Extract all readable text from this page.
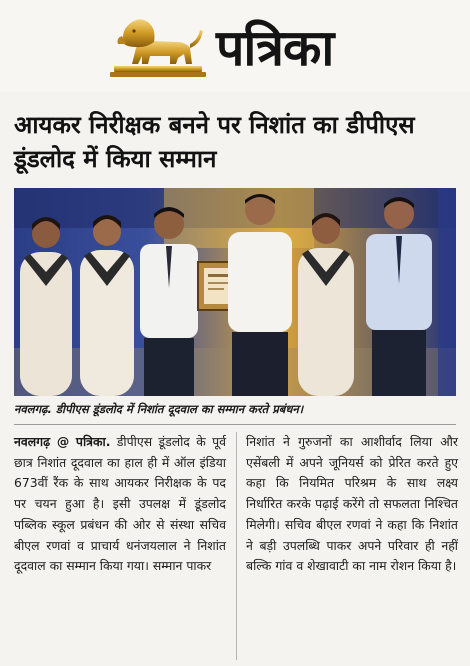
पत्रिका
आयकर निरीक्षक बनने पर निशांत का डीपीएस डूंडलोद में किया सम्मान
नवलगढ़. डीपीएस डूंडलोद में निशांत दूदवाल का सम्मान करते प्रबंधन।
नवलगढ़ @ पत्रिका. डीपीएस डूंडलोद के पूर्व छात्र निशांत दूदवाल का हाल ही में ऑल इंडिया 673वीं रैंक के साथ आयकर निरीक्षक के पद पर चयन हुआ है। इसी उपलक्ष में डूंडलोद पब्लिक स्कूल प्रबंधन की ओर से संस्था सचिव बीएल रणवां व प्राचार्य धनंजयलाल ने निशांत दूदवाल का सम्मान किया गया। सम्मान पाकर
निशांत ने गुरुजनों का आशीर्वाद लिया और एसेंबली में अपने जूनियर्स को प्रेरित करते हुए कहा कि नियमित परिश्रम के साथ लक्ष्य निर्धारित करके पढ़ाई करेंगे तो सफलता निश्चित मिलेगी। सचिव बीएल रणवां ने कहा कि निशांत ने बड़ी उपलब्धि पाकर अपने परिवार ही नहीं बल्कि गांव व शेखावाटी का नाम रोशन किया है।
